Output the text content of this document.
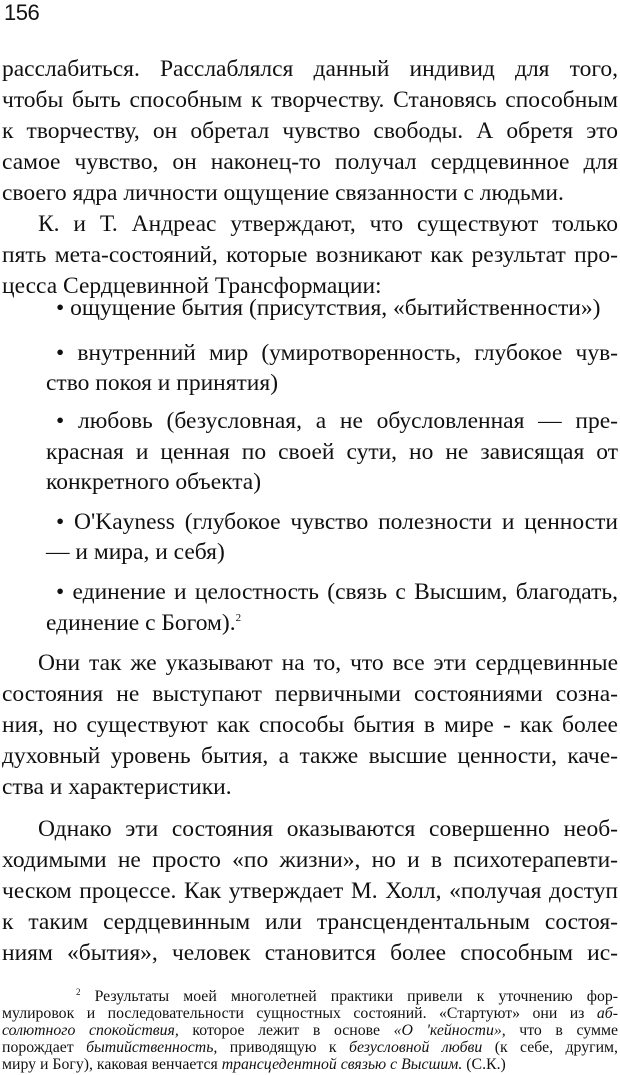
156
расслабиться. Расслаблялся данный индивид для того,
чтобы быть способным к творчеству. Становясь способным
к творчеству, он обретал чувство свободы. А обретя это
самое чувство, он наконец-то получал сердцевинное для
своего ядра личности ощущение связанности с людьми.
К. и Т. Андреас утверждают, что существуют только
пять мета-состояний, которые возникают как результат про-
цесса Сердцевинной Трансформации:
• ощущение бытия (присутствия, «бытийственности»)
• внутренний мир (умиротворенность, глубокое чув-
ство покоя и принятия)
• любовь (безусловная, а не обусловленная — пре-
красная и ценная по своей сути, но не зависящая от
конкретного объекта)
• O'Kayness (глубокое чувство полезности и ценности
— и мира, и себя)
• единение и целостность (связь с Высшим, благодать,
единение с Богом).$^2$
Они так же указывают на то, что все эти сердцевинные
состояния не выступают первичными состояниями созна-
ния, но существуют как способы бытия в мире - как более
духовный уровень бытия, а также высшие ценности, каче-
ства и характеристики.
Однако эти состояния оказываются совершенно необ-
ходимыми не просто «по жизни», но и в психотерапевти-
ческом процессе. Как утверждает М. Холл, «получая доступ
к таким сердцевинным или трансцендентальным состоя-
ниям «бытия», человек становится более способным ис-
$^2$ Результаты моей многолетней практики привели к уточнению фор-
мулировок и последовательности сущностных состояний. «Стартуют» они из аб-
солютного спокойствия, которое лежит в основе «О 'кейности», что в сумме
порождает бытийственность, приводящую к безусловной любви (к себе, другим,
миру и Богу), каковая венчается трансцедентной связью с Высшим. (С.К.)
